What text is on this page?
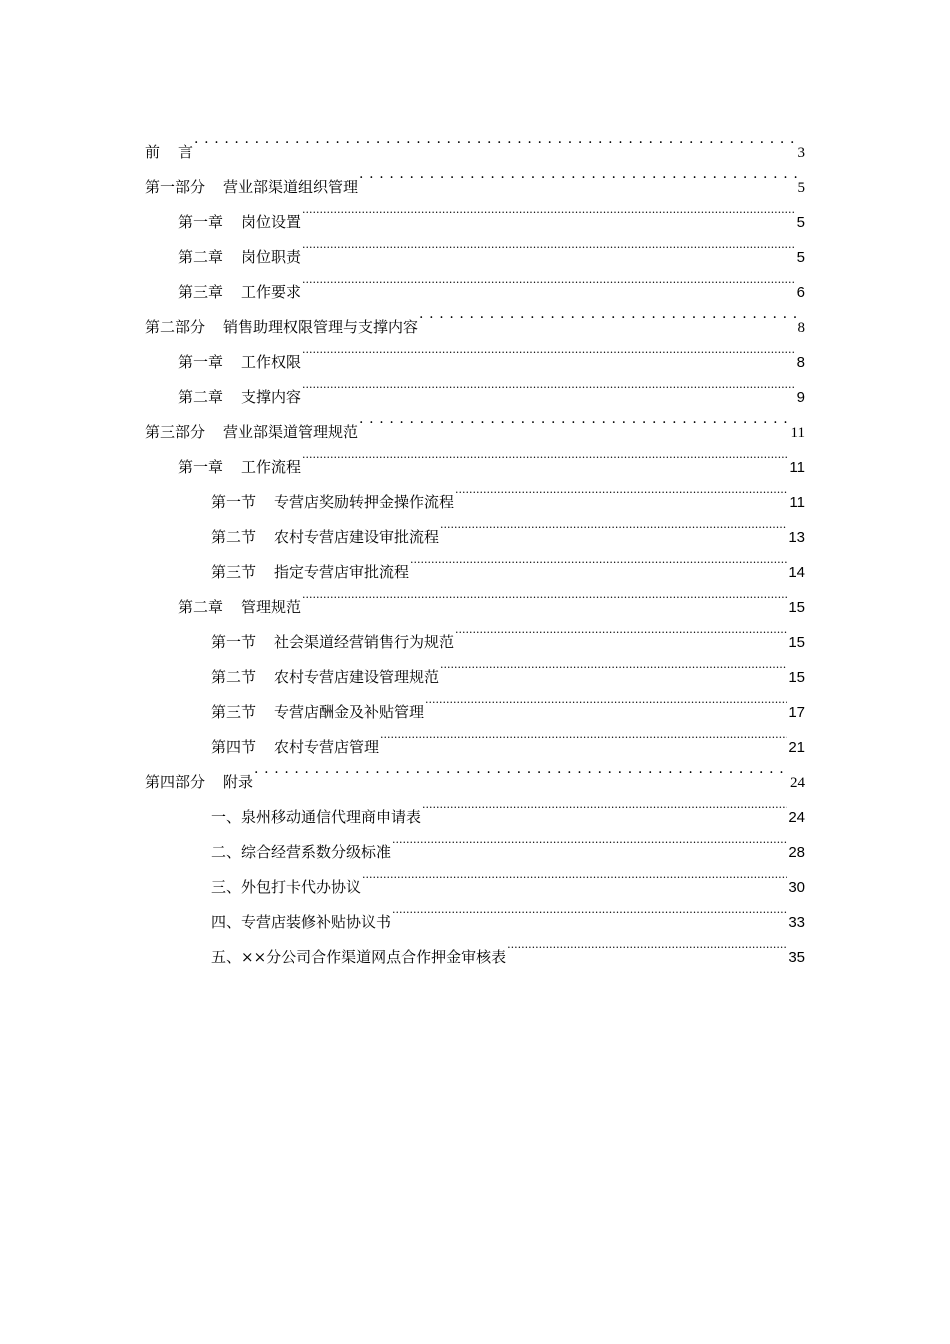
前 言 . . .	3
第一部分 营业部渠道组织管理 . . .	5
第一章 岗位设置 .....	5
第二章 岗位职责 .....	5
第三章 工作要求 .....	6
第二部分 销售助理权限管理与支撑内容 . . .	8
第一章 工作权限 .....	8
第二章 支撑内容 .....	9
第三部分 营业部渠道管理规范 . . .	11
第一章 工作流程 .....	11
第一节 专营店奖励转押金操作流程 .....	11
第二节 农村专营店建设审批流程 .....	13
第三节 指定专营店审批流程 .....	14
第二章 管理规范 .....	15
第一节 社会渠道经营销售行为规范 .....	15
第二节 农村专营店建设管理规范 .....	15
第三节 专营店酬金及补贴管理 .....	17
第四节 农村专营店管理 .....	21
第四部分 附录 . . .	24
一、泉州移动通信代理商申请表 .....	24
二、综合经营系数分级标准 .....	28
三、外包打卡代办协议 .....	30
四、专营店装修补贴协议书 .....	33
五、××分公司合作渠道网点合作押金审核表 .....	35
